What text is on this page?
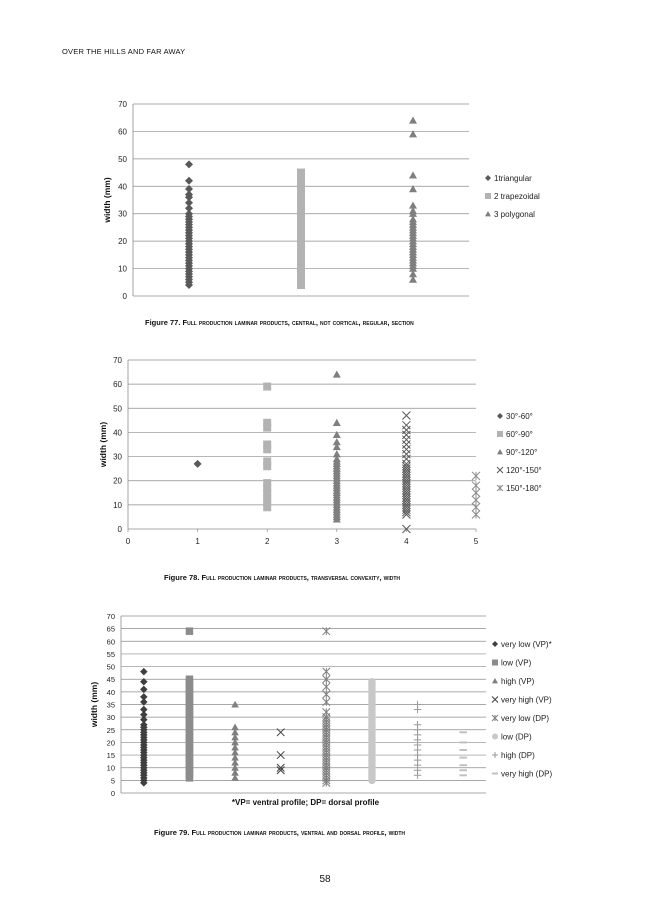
OVER THE HILLS AND FAR AWAY
0
10
20
30
40
50
60
70
width (mm)	1triangular
2 trapezoidal
3 polygonal
0
10
20
30
40
50
60
70
0	1	2	3	4	5
width (mm)
30°-60°
60°-90°
90°-120°
120°-150°
150°-180°
0
5
10
15
20
25
30
35
40
45
50
55
60
65
70
width (mm)
*VP= ventral profile; DP= dorsal profile
very low (VP)*
low (VP)
high (VP)
very high (VP)
very low (DP)
low (DP)
high (DP)
very high (DP)
Figure 77. Full production laminar products, central, not cortical, regular, section
Figure 78. Full production laminar products, transversal convexity, width
Figure 79. Full production laminar products, ventral and dorsal profile, width
58
